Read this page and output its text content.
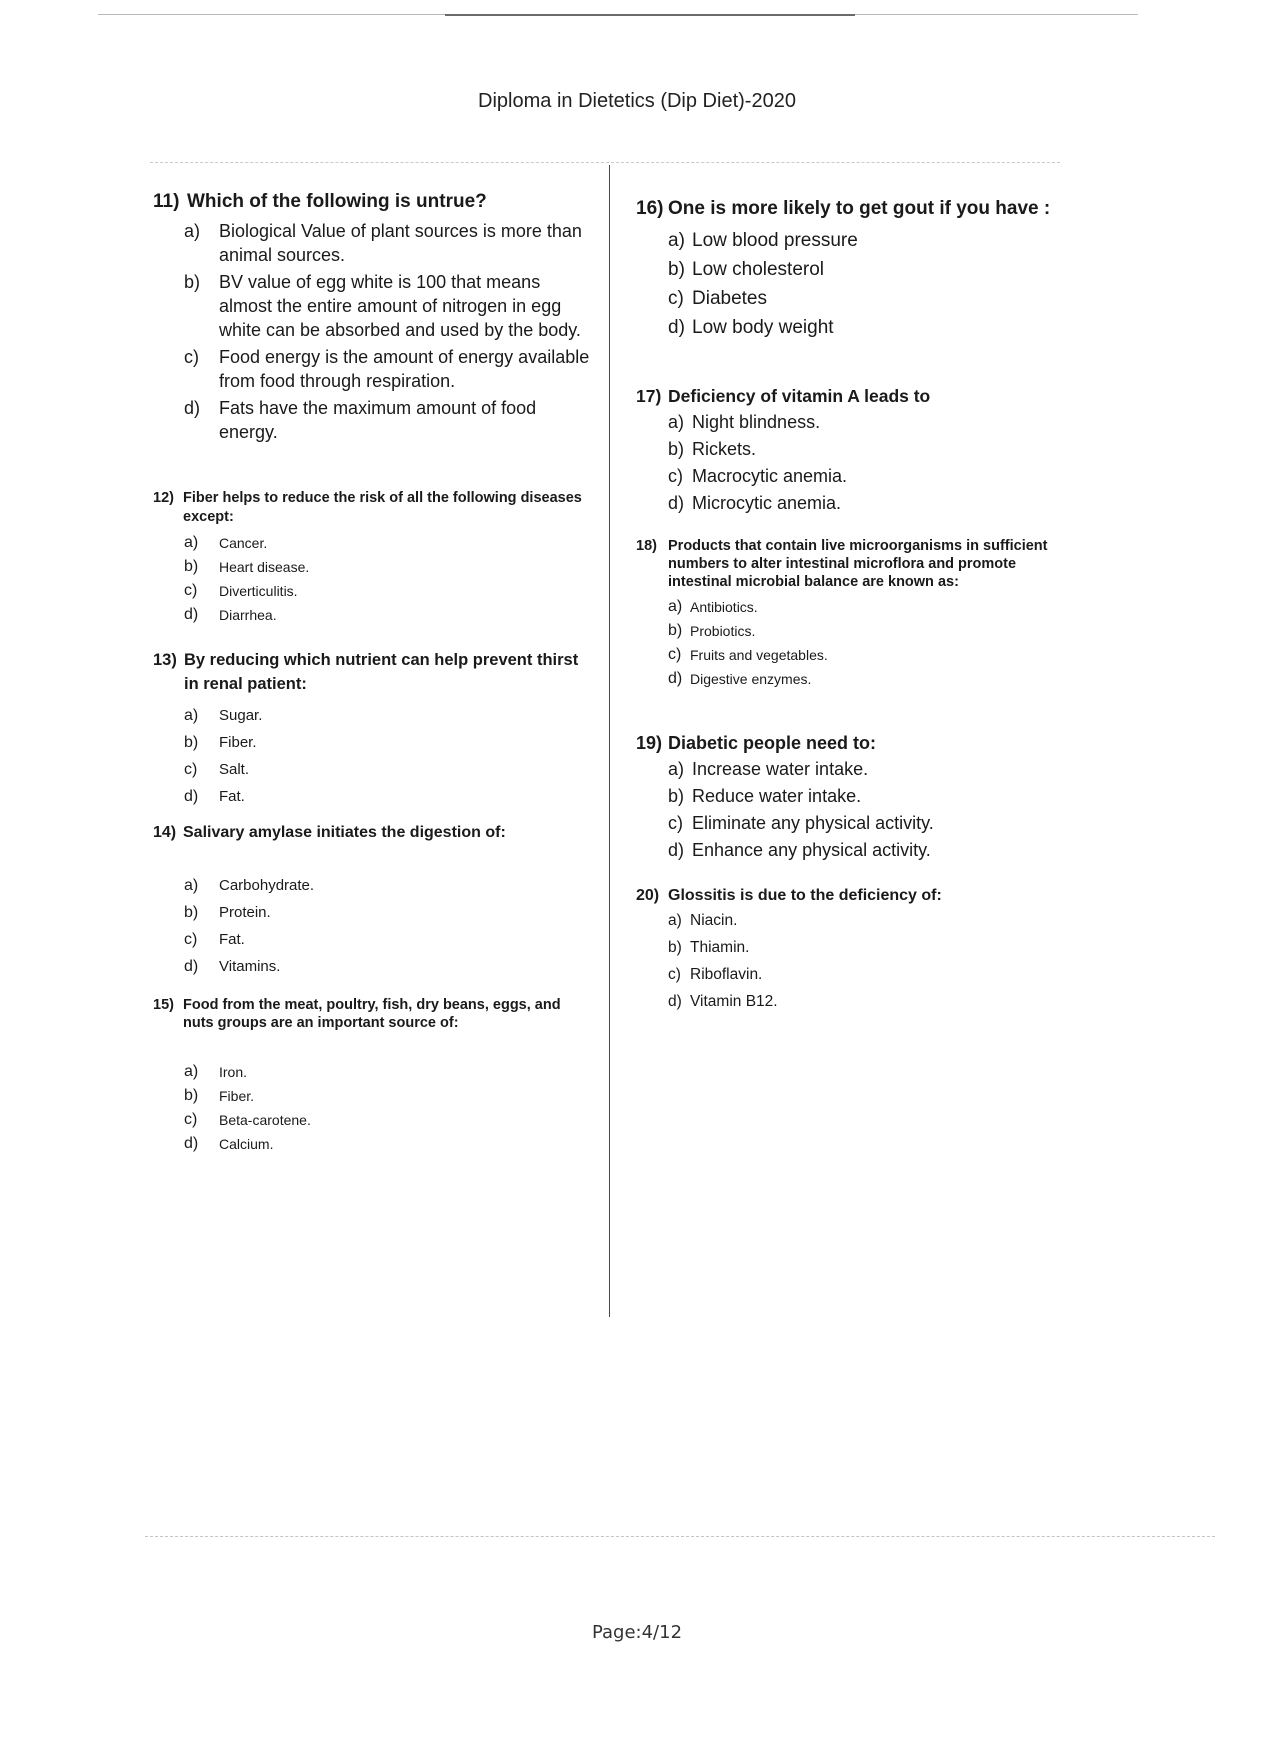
Diploma in Dietetics (Dip Diet)-2020
11) Which of the following is untrue?
a)	Biological Value of plant sources is more than animal sources.
b)	BV value of egg white is 100 that means almost the entire amount of nitrogen in egg white can be absorbed and used by the body.
c)	Food energy is the amount of energy available from food through respiration.
d)	Fats have the maximum amount of food energy.
12) Fiber helps to reduce the risk of all the following diseases except:
a)	Cancer.
b)	Heart disease.
c)	Diverticulitis.
d)	Diarrhea.
13) By reducing which nutrient can help prevent thirst in renal patient:
a)	Sugar.
b)	Fiber.
c)	Salt.
d)	Fat.
14) Salivary amylase initiates the digestion of:
a)	Carbohydrate.
b)	Protein.
c)	Fat.
d)	Vitamins.
15) Food from the meat, poultry, fish, dry beans, eggs, and nuts groups are an important source of:
a)	Iron.
b)	Fiber.
c)	Beta-carotene.
d)	Calcium.
16) One is more likely to get gout if you have :
a) Low blood pressure
b) Low cholesterol
c) Diabetes
d) Low body weight
17) Deficiency of vitamin A leads to
a) Night blindness.
b) Rickets.
c) Macrocytic anemia.
d) Microcytic anemia.
18) Products that contain live microorganisms in sufficient numbers to alter intestinal microflora and promote intestinal microbial balance are known as:
a) Antibiotics.
b) Probiotics.
c) Fruits and vegetables.
d) Digestive enzymes.
19) Diabetic people need to:
a) Increase water intake.
b) Reduce water intake.
c) Eliminate any physical activity.
d) Enhance any physical activity.
20) Glossitis is due to the deficiency of:
a) Niacin.
b) Thiamin.
c) Riboflavin.
d) Vitamin B12.
Page:4/12
